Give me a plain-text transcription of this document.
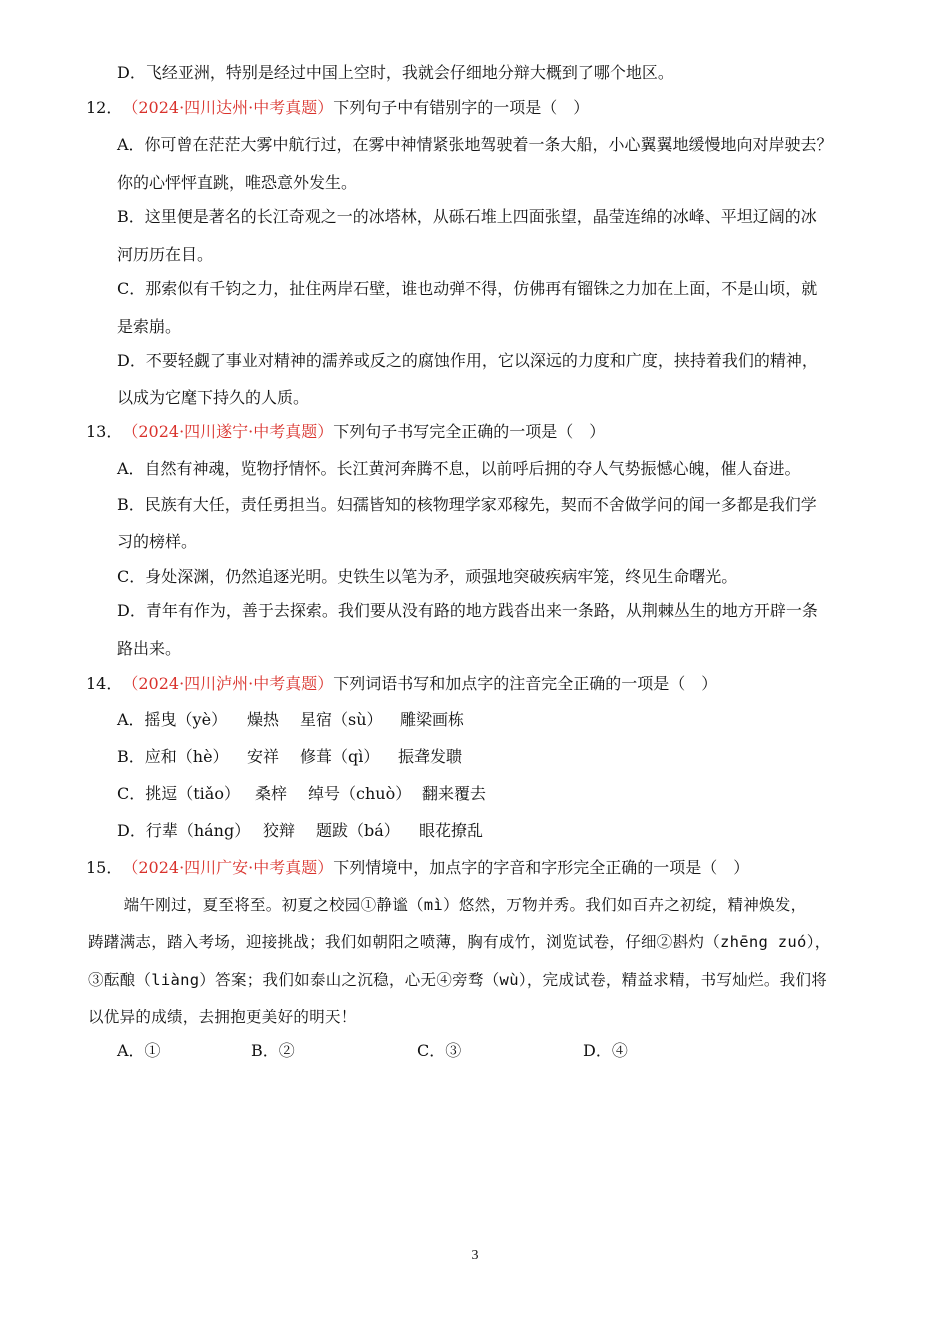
D．飞经亚洲，特别是经过中国上空时，我就会仔细地分辩大概到了哪个地区。
12． （2024·四川达州·中考真题）下列句子中有错别字的一项是（　）
A．你可曾在茫茫大雾中航行过，在雾中神情紧张地驾驶着一条大船，小心翼翼地缓慢地向对岸驶去？
你的心怦怦直跳，唯恐意外发生。
B．这里便是著名的长江奇观之一的冰塔林，从砾石堆上四面张望，晶莹连绵的冰峰、平坦辽阔的冰
河历历在目。
C．那索似有千钧之力，扯住两岸石壁，谁也动弹不得，仿佛再有镏铢之力加在上面，不是山顷，就
是索崩。
D．不要轻觑了事业对精神的濡养或反之的腐蚀作用，它以深远的力度和广度，挟持着我们的精神，
以成为它麾下持久的人质。
13． （2024·四川遂宁·中考真题）下列句子书写完全正确的一项是（　）
A．自然有神魂，览物抒情怀。长江黄河奔腾不息，以前呼后拥的夺人气势振憾心魄，催人奋进。
B．民族有大任，责任勇担当。妇孺皆知的核物理学家邓稼先，契而不舍做学问的闻一多都是我们学
习的榜样。
C．身处深渊，仍然追逐光明。史铁生以笔为矛，顽强地突破疾病牢笼，终见生命曙光。
D．青年有作为，善于去探索。我们要从没有路的地方践沓出来一条路，从荆棘丛生的地方开辟一条
路出来。
14． （2024·四川泸州·中考真题）下列词语书写和加点字的注音完全正确的一项是（　）
A．摇曳（yè） 燥热 星宿（sù） 雕梁画栋
B．应和（hè） 安祥 修葺（qì） 振聋发聩
C．挑逗（tiǎo） 桑梓 绰号（chuò） 翻来覆去
D．行辈（háng） 狡辩 题跋（bá） 眼花撩乱
15． （2024·四川广安·中考真题）下列情境中，加点字的字音和字形完全正确的一项是（　）
　　端午刚过，夏至将至。初夏之校园①静谧（mì）悠然，万物并秀。我们如百卉之初绽，精神焕发，
踌躇满志，踏入考场，迎接挑战；我们如朝阳之喷薄，胸有成竹，浏览试卷，仔细②斟灼（zhēng zuó），
③酝酿（liàng）答案；我们如泰山之沉稳，心无④旁骛（wù），完成试卷，精益求精，书写灿烂。我们将
以优异的成绩，去拥抱更美好的明天！
A．①	B．②	C．③	D．④
3
